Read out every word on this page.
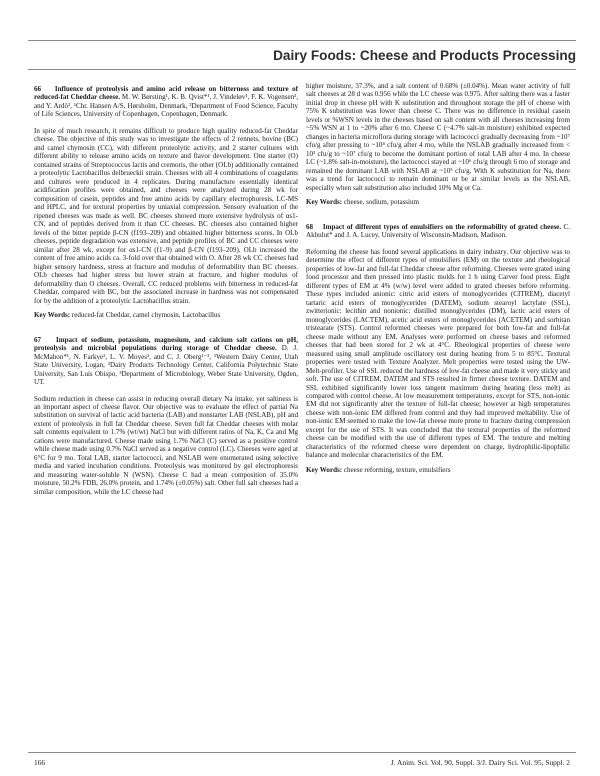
Dairy Foods: Cheese and Products Processing

66 Influence of proteolysis and amino acid release on bitterness and texture of reduced-fat Cheddar cheese. M. W. Børsting¹, K. B. Qvist*¹, J. Vindeløv¹, F. K. Vogensen², and Y. Ardö², ¹Chr. Hansen A/S, Hørsholm, Denmark, ²Department of Food Science, Faculty of Life Sciences, University of Copenhagen, Copenhagen, Denmark.

In spite of much research, it remains difficult to produce high quality reduced-fat Cheddar cheese. The objective of this study was to investigate the effects of 2 rennets, bovine (BC) and camel chymosin (CC), with different proteolytic activity, and 2 starter cultures with different ability to release amino acids on texture and flavor development. One starter (O) contained strains of Streptococcus lactis and cremoris, the other (OLb) additionally contained a proteolytic Lactobacillus delbrueckii strain. Cheeses with all 4 combinations of coagulants and cultures were produced in 4 replicates. During manufacture essentially identical acidification profiles were obtained, and cheeses were analyzed during 28 wk for composition of casein, peptides and free amino acids by capillary electrophoresis, LC-MS and HPLC, and for textural properties by uniaxial compression. Sensory evaluation of the ripened cheeses was made as well. BC cheeses showed more extensive hydrolysis of αs1-CN, and of peptides derived from it than CC cheeses. BC cheeses also contained higher levels of the bitter peptide β-CN (f193–209) and obtained higher bitterness scores. In OLb cheeses, peptide degradation was extensive, and peptide profiles of BC and CC cheeses were similar after 28 wk, except for αs1-CN (f1–9) and β-CN (f193–209). OLb increased the content of free amino acids ca. 3-fold over that obtained with O. After 28 wk CC cheeses had higher sensory hardness, stress at fracture and modulus of deformability than BC cheeses. OLb cheeses had higher stress but lower strain at fracture, and higher modulus of deformability than O cheeses. Overall, CC reduced problems with bitterness in reduced-fat Cheddar, compared with BC, but the associated increase in hardness was not compensated for by the addition of a proteolytic Lactobacillus strain.

Key Words: reduced-fat Cheddar, camel chymosin, Lactobacillus

67 Impact of sodium, potassium, magnesium, and calcium salt cations on pH, proteolysis and microbial populations during storage of Cheddar cheese. D. J. McMahon*¹, N. Farkye², L. V. Moyes³, and C. J. Oberg¹⁻³, ¹Western Dairy Center, Utah State University, Logan, ²Dairy Products Technology Center, California Polytechnic State University, San Luis Obispo, ³Department of Microbiology, Weber State University, Ogden, UT.

Sodium reduction in cheese can assist in reducing overall dietary Na intake, yet saltiness is an important aspect of cheese flavor. Our objective was to evaluate the effect of partial Na substitution on survival of lactic acid bacteria (LAB) and nonstarter LAB (NSLAB), pH and extent of proteolysis in full fat Cheddar cheese. Seven full fat Cheddar cheeses with molar salt contents equivalent to 1.7% (wt/wt) NaCl but with different ratios of Na, K, Ca and Mg cations were manufactured. Cheese made using 1.7% NaCl (C) served as a positive control while cheese made using 0.7% NaCl served as a negative control (LC). Cheeses were aged at 6°C for 9 mo. Total LAB, starter lactococci, and NSLAB were enumerated using selective media and varied incubation conditions. Proteolysis was monitored by gel electrophoresis and measuring water-soluble N (WSN). Cheese C had a mean composition of 35.0% moisture, 50.2% FDB, 26.0% protein, and 1.74% (±0.05%) salt. Other full salt cheeses had a similar composition, while the LC cheese had

higher moisture, 37.3%, and a salt content of 0.68% (±0.04%). Mean water activity of full salt cheeses at 28 d was 0.956 while the LC cheese was 0.975. After salting there was a faster initial drop in cheese pH with K substitution and throughout storage the pH of cheese with 75% K substitution was lower than cheese C. There was no difference in residual casein levels or %WSN levels in the cheeses based on salt content with all cheeses increasing from ~5% WSN at 1 to ~20% after 6 mo. Cheese C (~4.7% salt-in moisture) exhibited expected changes in bacteria microflora during storage with lactococci gradually decreasing from ~10⁷ cfu/g after pressing to ~10⁴ cfu/g after 4 mo, while the NSLAB gradually increased from < 10³ cfu/g to ~10⁷ cfu/g to become the dominant portion of total LAB after 4 mo. In cheese LC (~1.8% salt-in-moisture), the lactococci stayed at ~10⁶ cfu/g through 6 mo of storage and remained the dominant LAB with NSLAB at ~10⁵ cfu/g. With K substitution for Na, there was a trend for lactococci to remain dominant or be at similar levels as the NSLAB, especially when salt substitution also included 10% Mg or Ca.

Key Words: cheese, sodium, potassium

68 Impact of different types of emulsifiers on the reformability of grated cheese. C. Akbulut* and J. A. Lucey, University of Wisconsin-Madison, Madison.

Reforming the cheese has found several applications in dairy industry. Our objective was to determine the effect of different types of emulsifiers (EM) on the texture and rheological properties of low-fat and full-fat Cheddar cheese after reforming. Cheeses were grated using food processor and then pressed into plastic molds for 1 h using Carver food press. Eight different types of EM at 4% (w/w) level were added to grated cheeses before reforming. These types included anionic: citric acid esters of monoglycerides (CITREM), diacetyl tartaric acid esters of monoglycerides (DATEM), sodium stearoyl lactylate (SSL), zwitterionic: lecithin and nonionic: distilled monoglycerides (DM), lactic acid esters of monoglycerides (LACTEM), acetic acid esters of monoglycerides (ACETEM) and sorbitan tristearate (STS). Control reformed cheeses were prepared for both low-fat and full-fat cheese made without any EM. Analyses were performed on cheese bases and reformed cheeses that had been stored for 2 wk at 4°C. Rheological properties of cheese were measured using small amplitude oscillatory test during heating from 5 to 85°C. Textural properties were tested with Texture Analyzer. Melt properties were tested using the UW-Melt-profiler. Use of SSL reduced the hardness of low-fat cheese and made it very sticky and soft. The use of CITREM, DATEM and STS resulted in firmer cheese texture. DATEM and SSL exhibited significantly lower loss tangent maximum during heating (less melt) as compared with control cheese. At low measurement temperatures, except for STS, non-ionic EM did not significantly alter the texture of full-fat cheese; however at high temperatures cheese with non-ionic EM differed from control and they had improved meltability. Use of non-ionic EM seemed to make the low-fat cheese more prone to fracture during compression except for the use of STS. It was concluded that the textural properties of the reformed cheese can be modified with the use of different types of EM. The texture and melting characteristics of the reformed cheese were dependent on charge, hydrophilic-lipophilic balance and molecular characteristics of the EM.

Key Words: cheese reforming, texture, emulsifiers

166	J. Anim. Sci. Vol. 90, Suppl. 3/J. Dairy Sci. Vol. 95, Suppl. 2
